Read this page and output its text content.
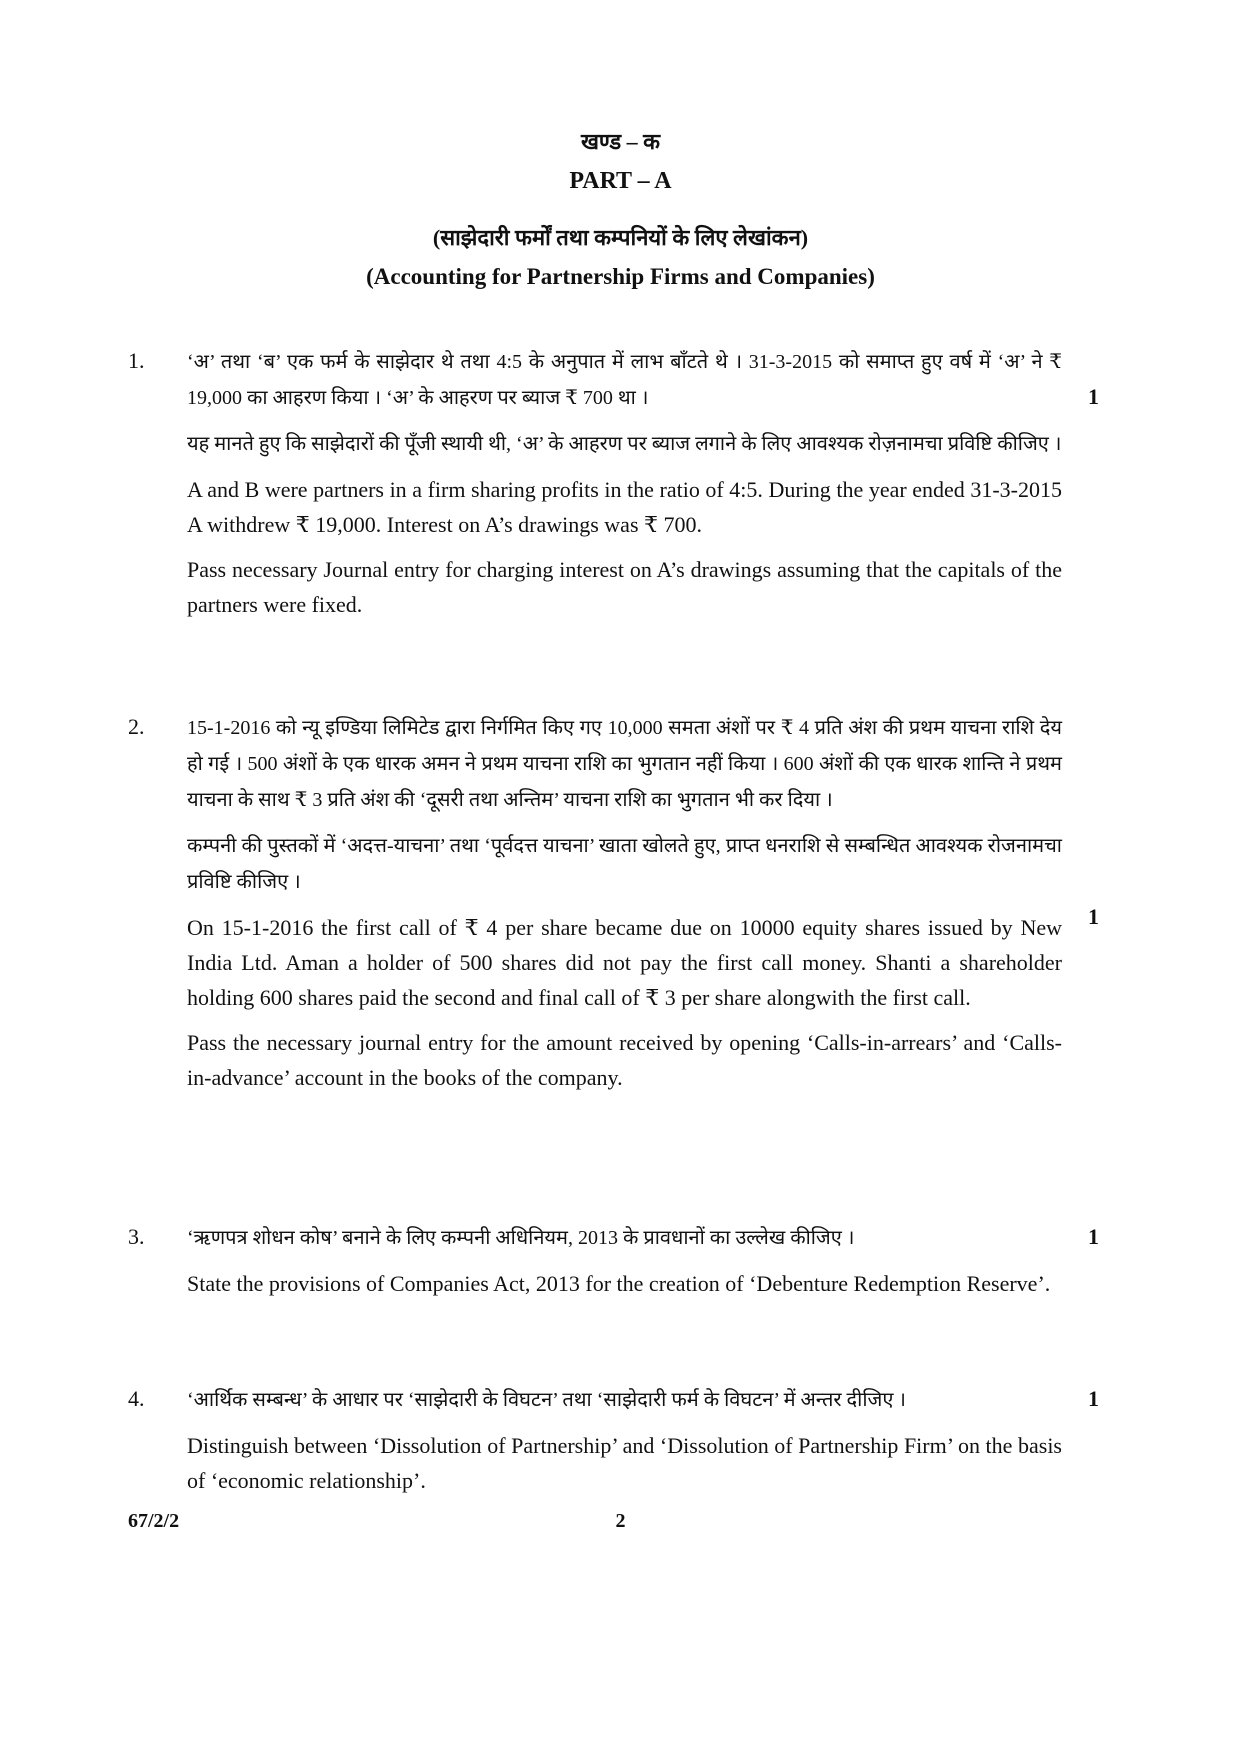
खण्ड – क
PART – A
(साझेदारी फर्मों तथा कम्पनियों के लिए लेखांकन)
(Accounting for Partnership Firms and Companies)
1. ‘अ’ तथा ‘ब’ एक फर्म के साझेदार थे तथा 4:5 के अनुपात में लाभ बाँटते थे । 31-3-2015 को समाप्त हुए वर्ष में ‘अ’ ने ₹ 19,000 का आहरण किया । ‘अ’ के आहरण पर ब्याज ₹ 700 था ।

यह मानते हुए कि साझेदारों की पूँजी स्थायी थी, ‘अ’ के आहरण पर ब्याज लगाने के लिए आवश्यक रोज़नामचा प्रविष्टि कीजिए ।

A and B were partners in a firm sharing profits in the ratio of 4:5. During the year ended 31-3-2015 A withdrew ₹ 19,000. Interest on A’s drawings was ₹ 700.

Pass necessary Journal entry for charging interest on A’s drawings assuming that the capitals of the partners were fixed.

1
2. 15-1-2016 को न्यू इण्डिया लिमिटेड द्वारा निर्गमित किए गए 10,000 समता अंशों पर ₹ 4 प्रति अंश की प्रथम याचना राशि देय हो गई । 500 अंशों के एक धारक अमन ने प्रथम याचना राशि का भुगतान नहीं किया । 600 अंशों की एक धारक शान्ति ने प्रथम याचना के साथ ₹ 3 प्रति अंश की ‘दूसरी तथा अन्तिम’ याचना राशि का भुगतान भी कर दिया ।

कम्पनी की पुस्तकों में ‘अदत्त-याचना’ तथा ‘पूर्वदत्त याचना’ खाता खोलते हुए, प्राप्त धनराशि से सम्बन्धित आवश्यक रोजनामचा प्रविष्टि कीजिए ।

On 15-1-2016 the first call of ₹ 4 per share became due on 10000 equity shares issued by New India Ltd. Aman a holder of 500 shares did not pay the first call money. Shanti a shareholder holding 600 shares paid the second and final call of ₹ 3 per share alongwith the first call.

Pass the necessary journal entry for the amount received by opening ‘Calls-in-arrears’ and ‘Calls-in-advance’ account in the books of the company.

1
3. ‘ऋणपत्र शोधन कोष’ बनाने के लिए कम्पनी अधिनियम, 2013 के प्रावधानों का उल्लेख कीजिए ।

State the provisions of Companies Act, 2013 for the creation of ‘Debenture Redemption Reserve’.

1
4. ‘आर्थिक सम्बन्ध’ के आधार पर ‘साझेदारी के विघटन’ तथा ‘साझेदारी फर्म के विघटन’ में अन्तर दीजिए ।

Distinguish between ‘Dissolution of Partnership’ and ‘Dissolution of Partnership Firm’ on the basis of ‘economic relationship’.

1
67/2/2	2
